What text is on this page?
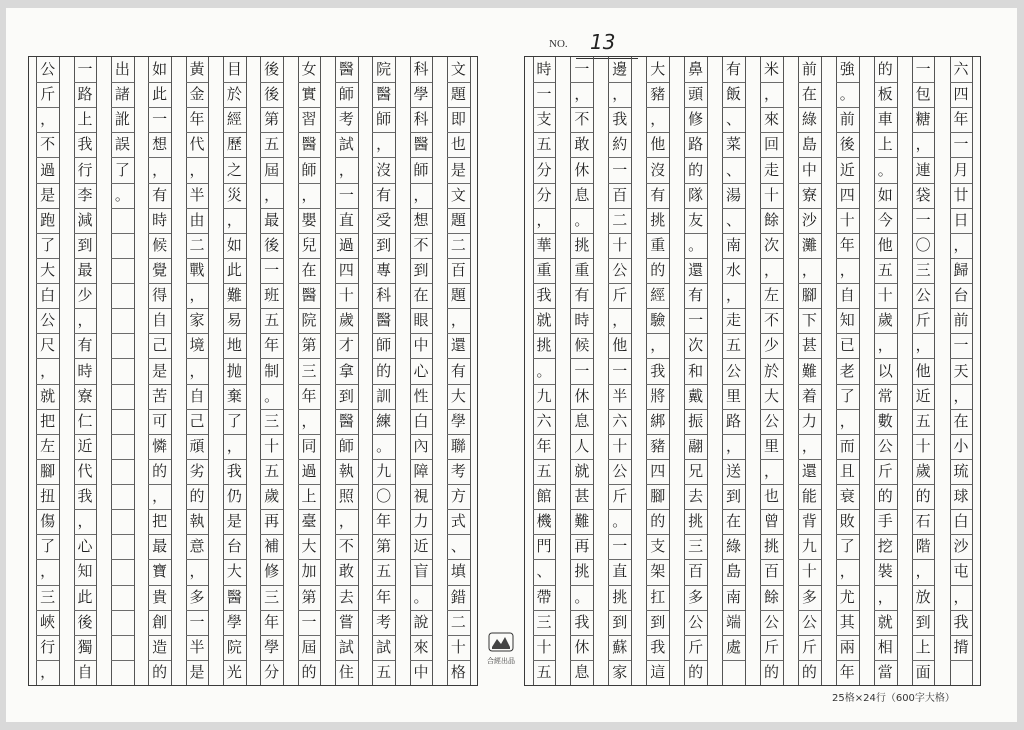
NO. 13
文
題
即
也
是
文
題
二
百
題
，
還
有
大
學
聯
考
方
式
、
填
錯
二
十
格
科
學
科
醫
師
，
想
不
到
在
眼
中
心
性
白
內
障
視
力
近
盲
。
說
來
中
院
醫
師
，
沒
有
受
到
專
科
醫
師
的
訓
練
。
九
〇
年
第
五
年
考
試
五
醫
師
考
試
，
一
直
過
四
十
歲
才
拿
到
醫
師
執
照
，
不
敢
去
嘗
試
住
女
實
習
醫
師
，
嬰
兒
在
醫
院
第
三
年
，
同
過
上
臺
大
加
第
一
屆
的
後
後
第
五
屆
，
最
後
一
班
五
年
制
。
三
十
五
歲
再
補
修
三
年
學
分
目
於
經
歷
之
災
，
如
此
難
易
地
抛
棄
了
，
我
仍
是
台
大
醫
學
院
光
黃
金
年
代
，
半
由
二
戰
，
家
境
，
自
己
頑
劣
的
執
意
，
多
一
半
是
如
此
一
想
，
有
時
候
覺
得
自
己
是
苦
可
憐
的
，
把
最
寶
貴
創
造
的
出
諸
訛
誤
了
。
一
路
上
我
行
李
減
到
最
少
，
有
時
寮
仁
近
代
我
，
心
知
此
後
獨
自
公
斤
，
不
過
是
跑
了
大
白
公
尺
，
就
把
左
腳
扭
傷
了
，
三
峽
行
，
六
四
年
一
月
廿
日
，
歸
台
前
一
天
，
在
小
琉
球
白
沙
屯
，
我
揹
一
包
糖
，
連
袋
一
〇
三
公
斤
，
他
近
五
十
歲
的
石
階
，
放
到
上
面
的
板
車
上
。
如
今
他
五
十
歲
，
以
常
數
公
斤
的
手
挖
裝
，
就
相
當
強
。
前
後
近
四
十
年
，
自
知
已
老
了
，
而
且
衰
敗
了
，
尤
其
兩
年
前
在
綠
島
中
寮
沙
灘
，
腳
下
甚
難
着
力
，
還
能
背
九
十
多
公
斤
的
米
，
來
回
走
十
餘
次
，
左
不
少
於
大
公
里
，
也
曾
挑
百
餘
公
斤
的
有
飯
、
菜
、
湯
、
南
水
，
走
五
公
里
路
，
送
到
在
綠
島
南
端
處
鼻
頭
修
路
的
隊
友
。
還
有
一
次
和
戴
振
翮
兄
去
挑
三
百
多
公
斤
的
大
豬
，
他
沒
有
挑
重
的
經
驗
，
我
將
綁
豬
四
腳
的
支
架
扛
到
我
這
邊
，
我
約
一
百
二
十
公
斤
，
他
一
半
六
十
公
斤
。
一
直
挑
到
蘇
家
一
，
不
敢
休
息
。
挑
重
有
時
候
一
休
息
人
就
甚
難
再
挑
。
我
休
息
時
一
支
五
分
分
，
華
重
我
就
挑
。
九
六
年
五
館
機
門
、
帶
三
十
五
合經出品
25格×24行（600字大格）
